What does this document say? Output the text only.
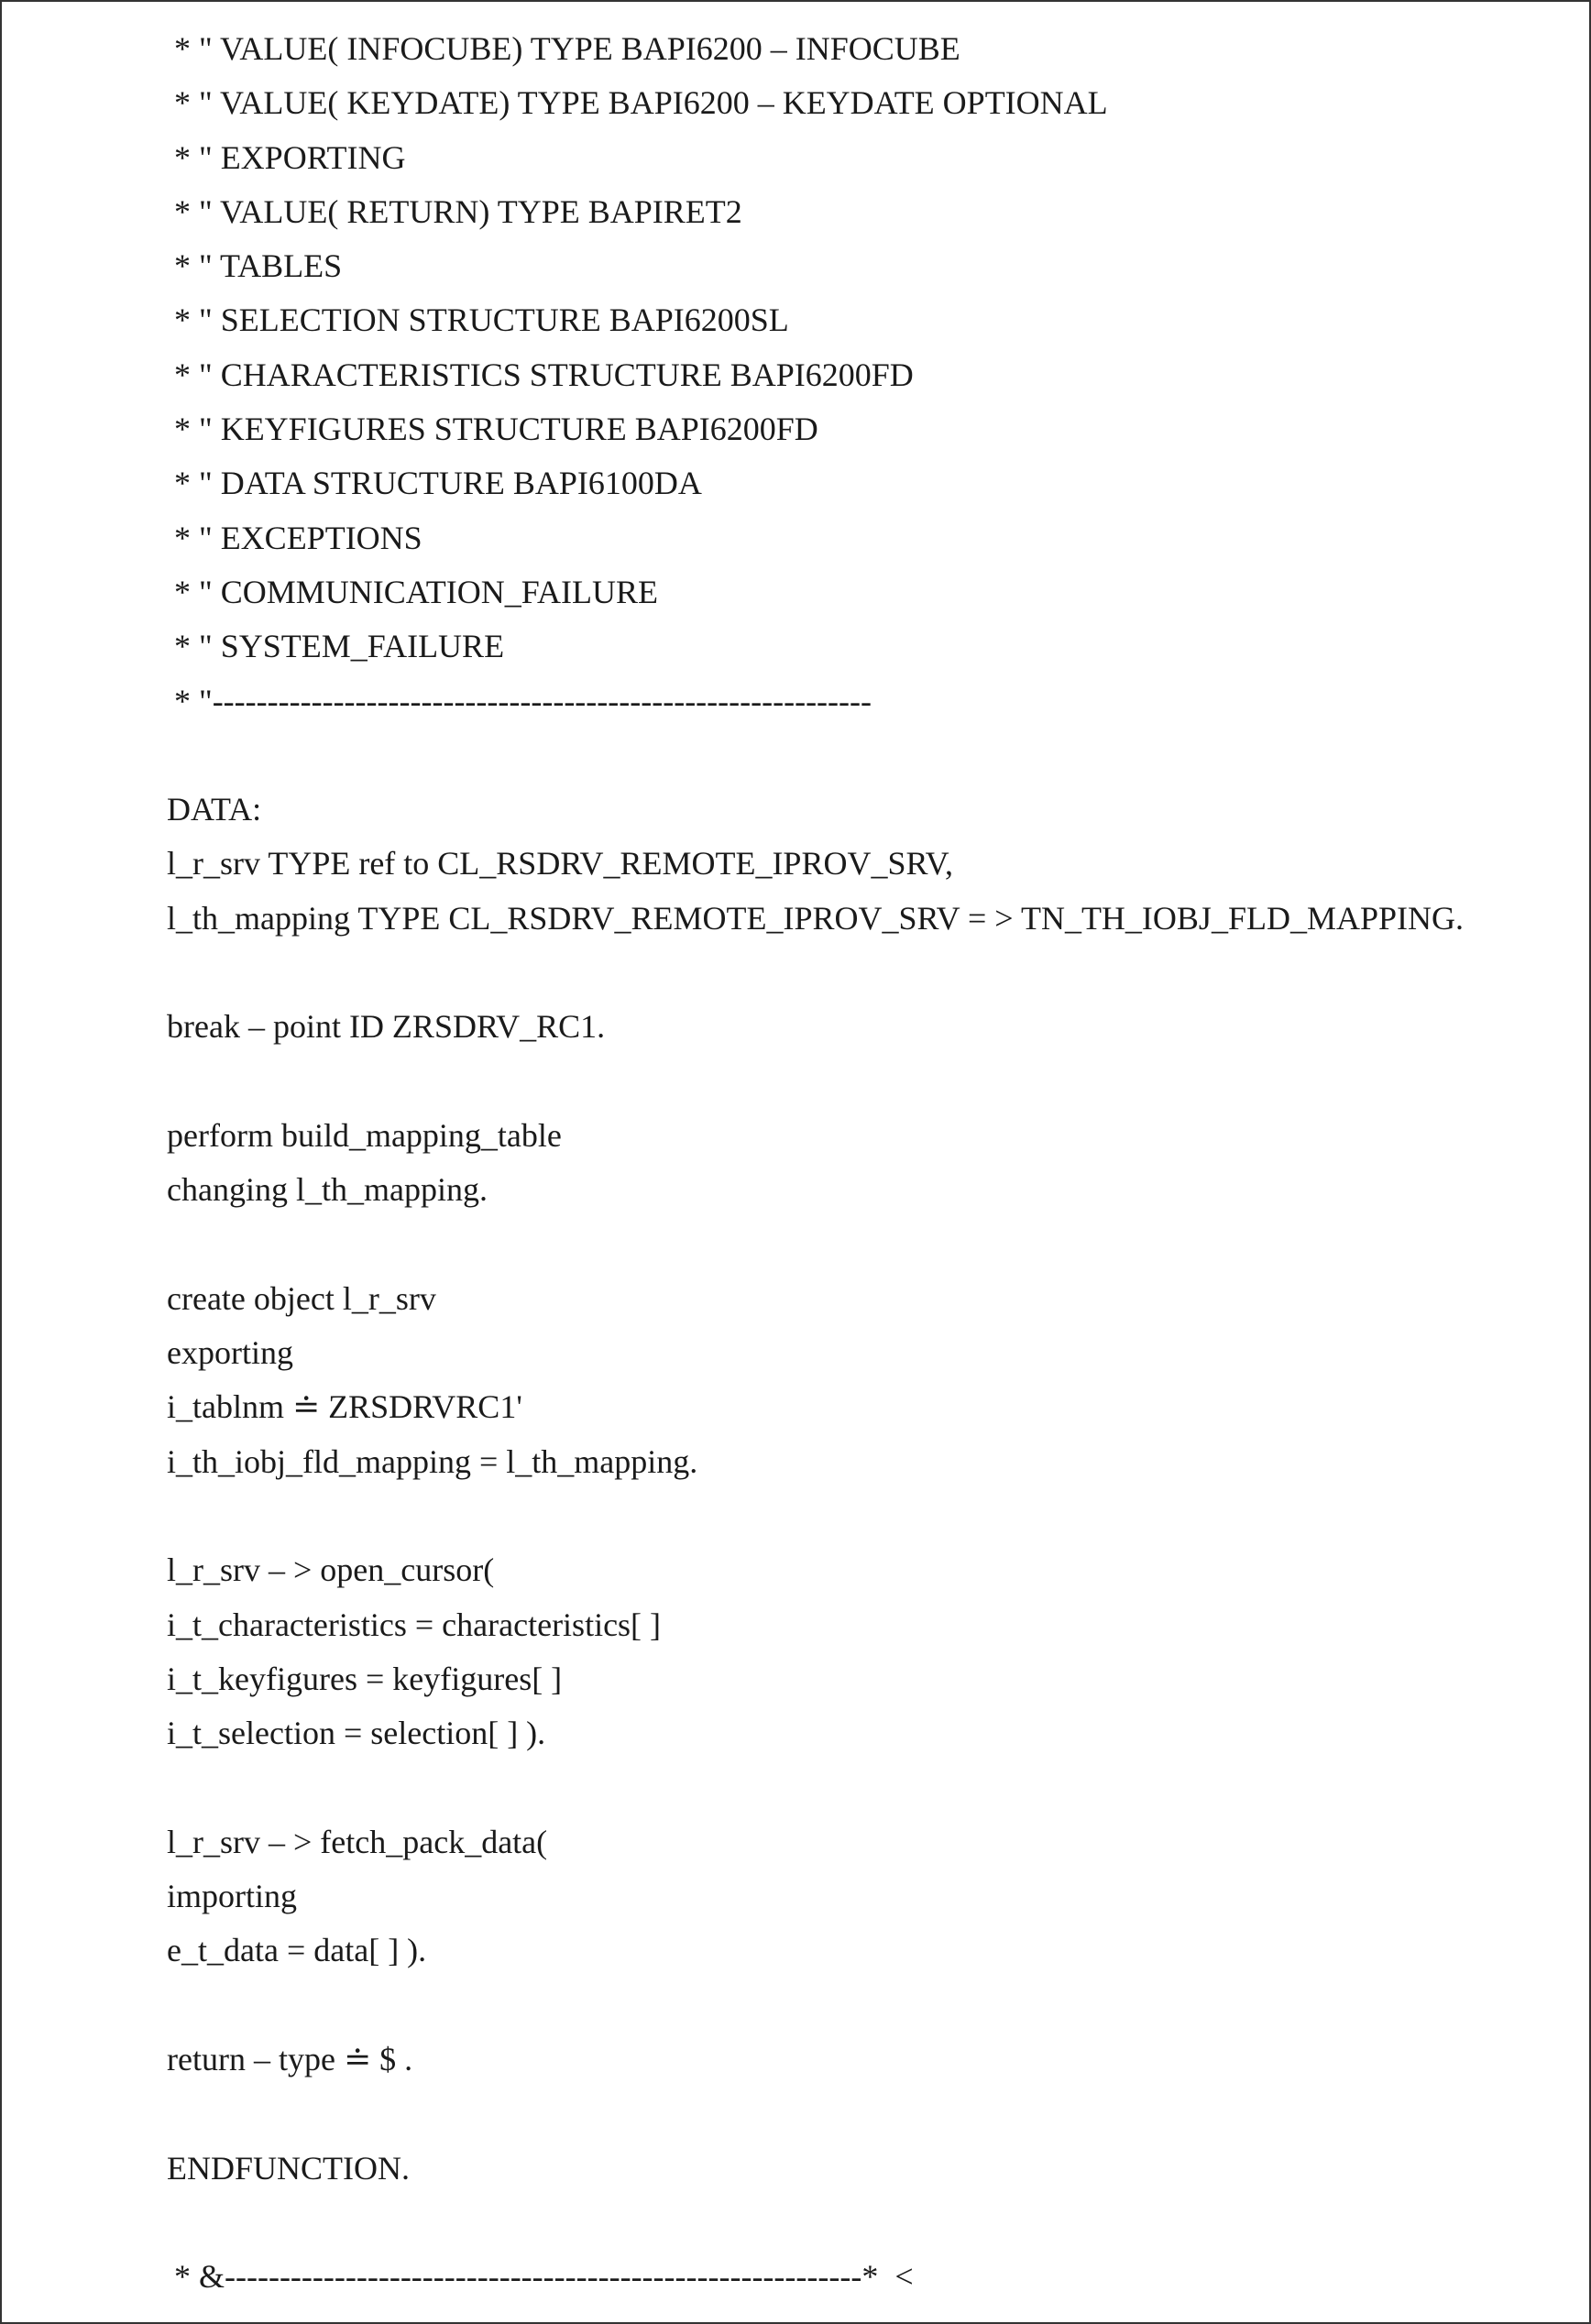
* " VALUE( INFOCUBE) TYPE BAPI6200 – INFOCUBE
* " VALUE( KEYDATE) TYPE BAPI6200 – KEYDATE OPTIONAL
* " EXPORTING
* " VALUE( RETURN) TYPE BAPIRET2
* " TABLES
* " SELECTION STRUCTURE BAPI6200SL
* " CHARACTERISTICS STRUCTURE BAPI6200FD
* " KEYFIGURES STRUCTURE BAPI6200FD
* " DATA STRUCTURE BAPI6100DA
* " EXCEPTIONS
* " COMMUNICATION_FAILURE
* " SYSTEM_FAILURE
* "------------------------------------------------------------
DATA:
l_r_srv TYPE ref to CL_RSDRV_REMOTE_IPROV_SRV,
l_th_mapping TYPE CL_RSDRV_REMOTE_IPROV_SRV = > TN_TH_IOBJ_FLD_MAPPING.
break – point ID ZRSDRV_RC1.
perform build_mapping_table
changing l_th_mapping.
create object l_r_srv
exporting
i_tablnm ≐ ZRSDRVRC1'
i_th_iobj_fld_mapping = l_th_mapping.
l_r_srv – > open_cursor(
i_t_characteristics = characteristics[ ]
i_t_keyfigures = keyfigures[ ]
i_t_selection = selection[ ] ).
l_r_srv – > fetch_pack_data(
importing
e_t_data = data[ ] ).
return – type ≐ $ .
ENDFUNCTION.
* &----------------------------------------------------------*  <
